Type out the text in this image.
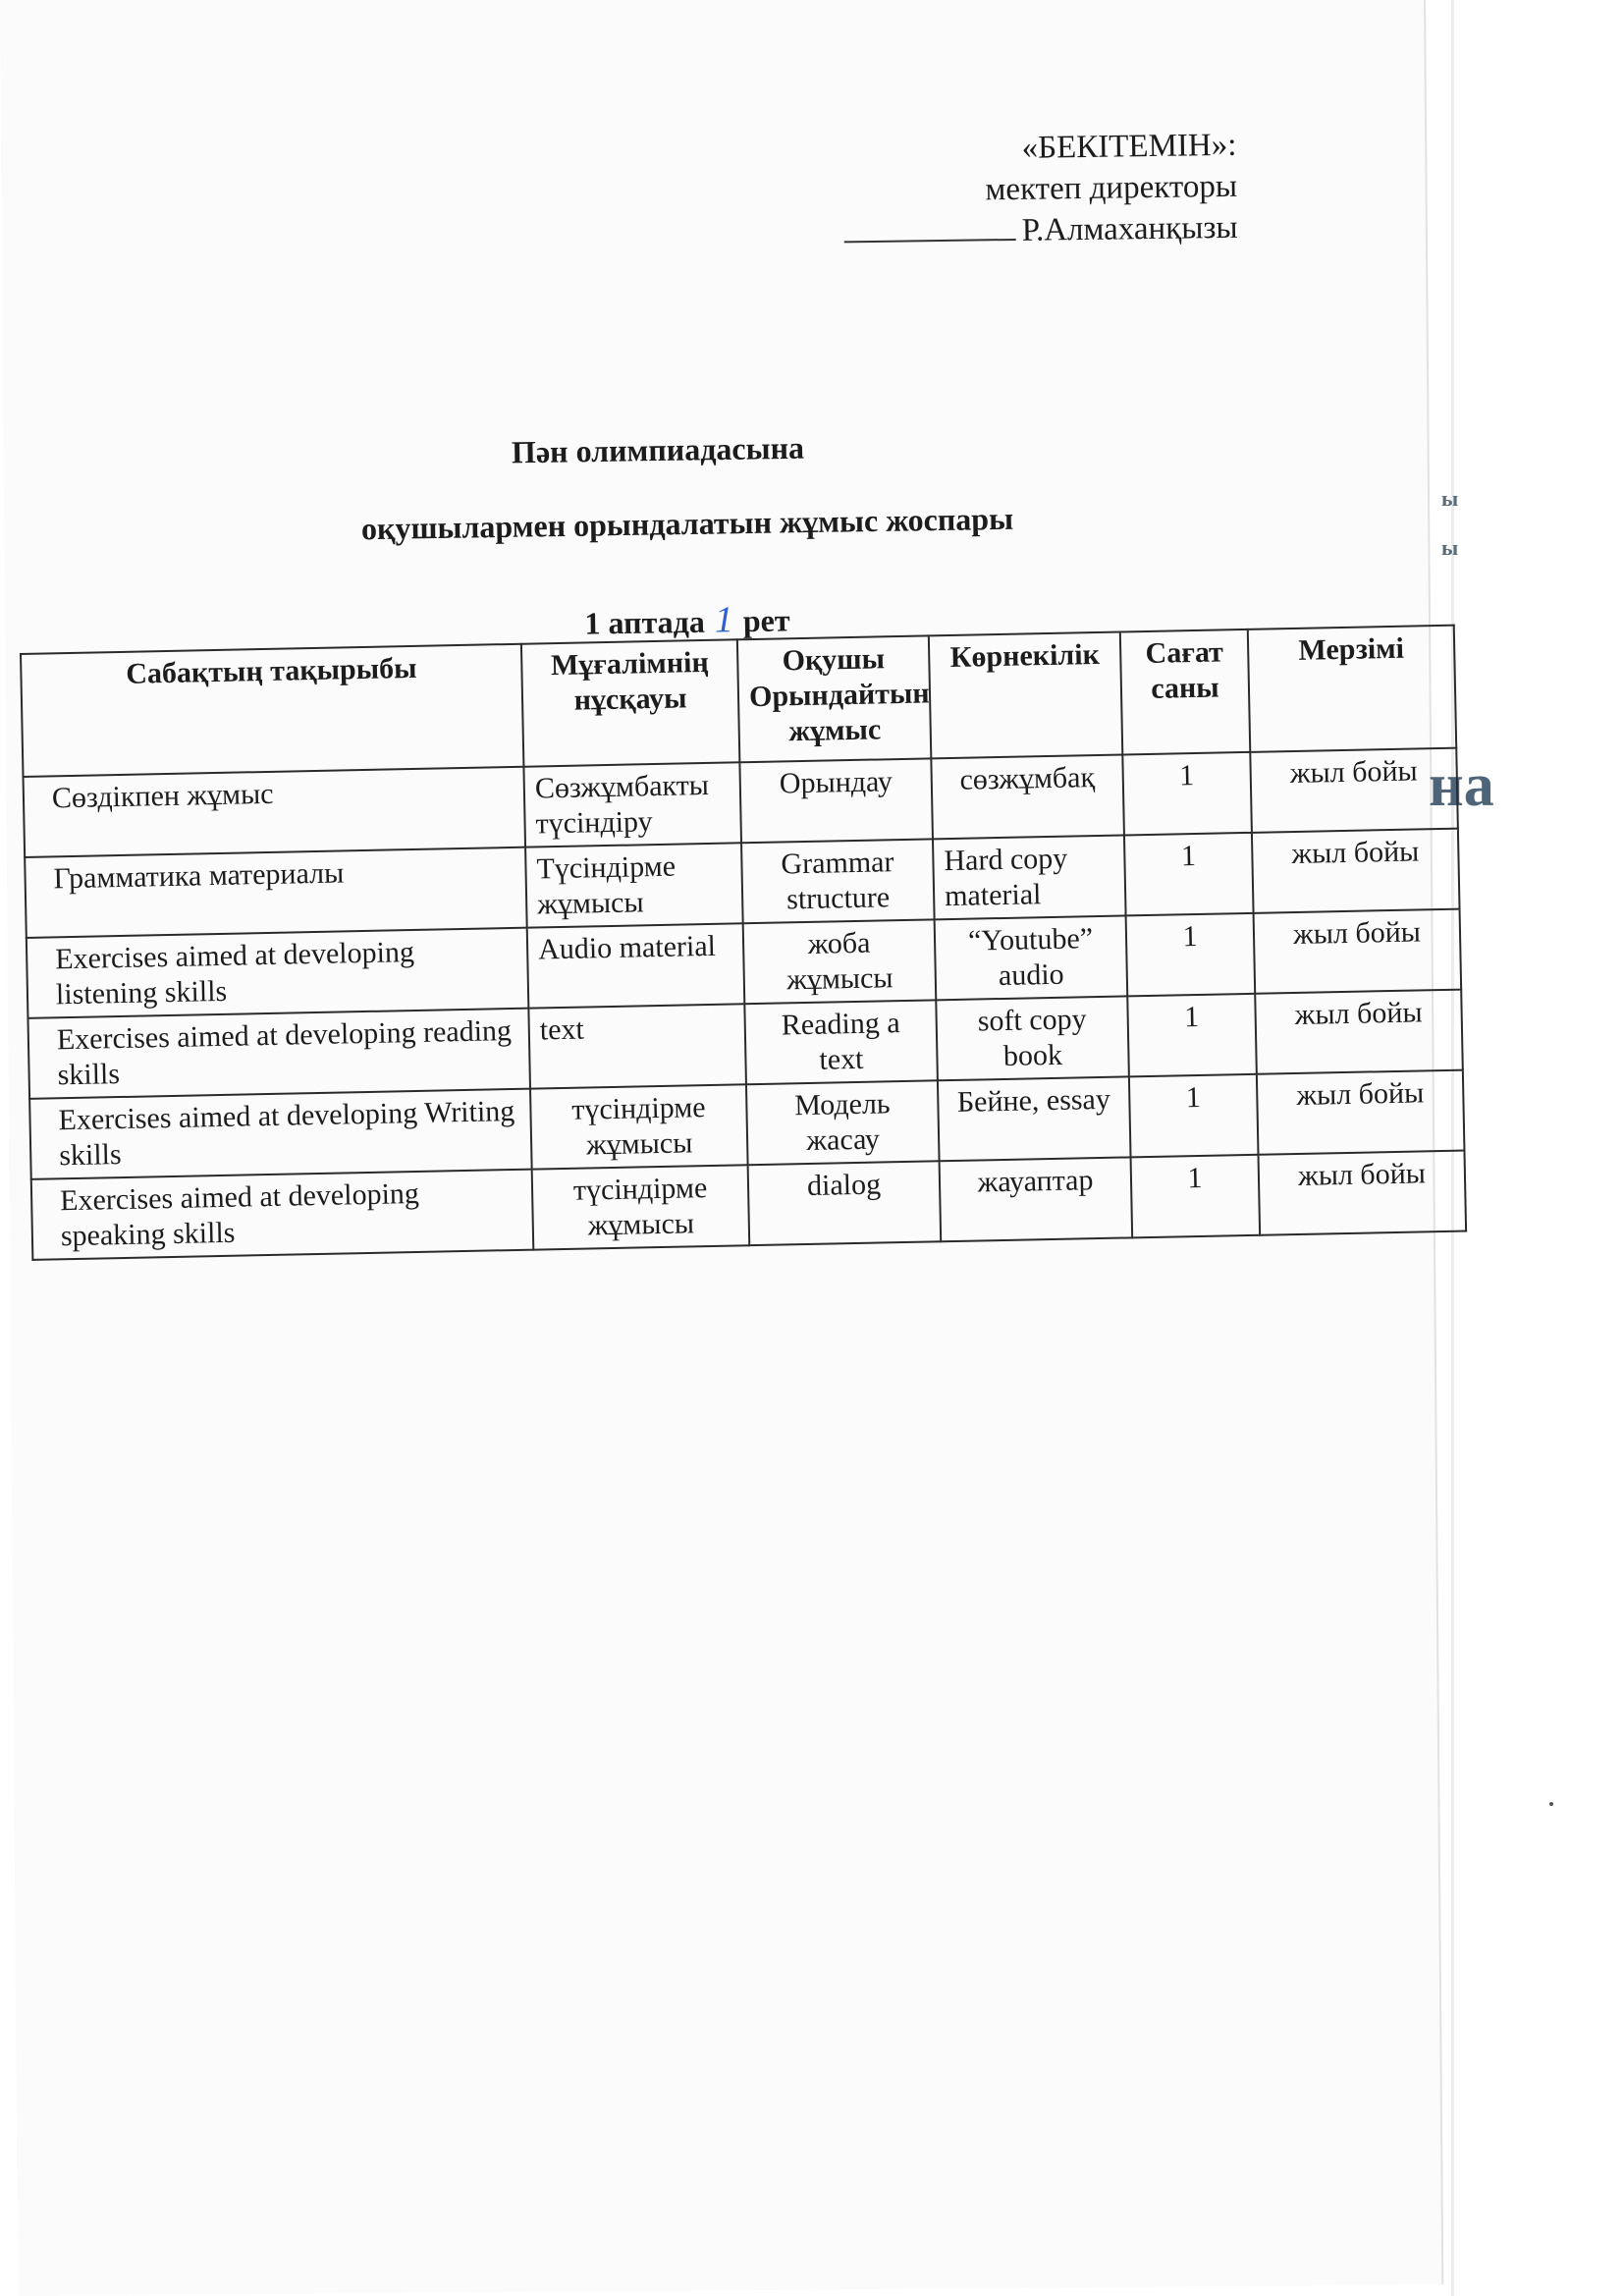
«БЕКІТЕМІН»:
мектеп директоры
Р.Алмаханқызы
Пән олимпиадасына
оқушылармен орындалатын жұмыс жоспары
1 аптада 1 рет
ы
ы
на
Сабақтың тақырыбы	Мұғалімнің нұсқауы	Оқушы Орындайтын жұмыс	Көрнекілік	Сағат саны	Мерзімі
Сөздікпен жұмыс	Сөзжұмбакты түсіндіру	Орындау	сөзжұмбақ	1	жыл бойы
Грамматика материалы	Түсіндірме жұмысы	Grammar structure	Hard copy material	1	жыл бойы
Exercises aimed at developing listening skills	Audio material	жоба жұмысы	“Youtube” audio	1	жыл бойы
Exercises aimed at developing reading skills	text	Reading a text	soft copy book	1	жыл бойы
Exercises aimed at developing Writing skills	түсіндірме жұмысы	Модель жасау	Бейне, essay	1	жыл бойы
Exercises aimed at developing speaking skills	түсіндірме жұмысы	dialog	жауаптар	1	жыл бойы
